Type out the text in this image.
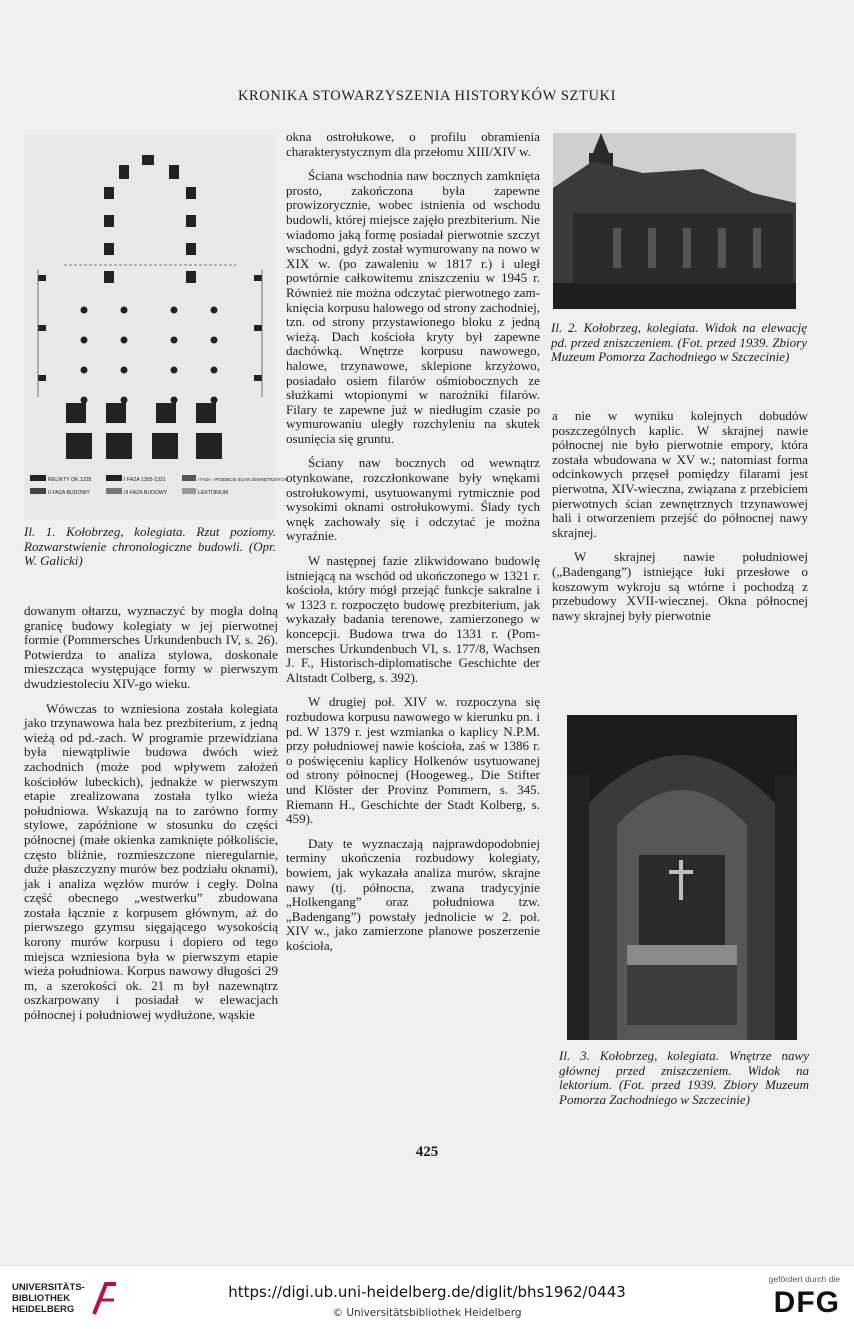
KRONIKA STOWARZYSZENIA HISTORYKÓW SZTUKI
RELIKTY OK.1235	I FAZA 1305-1321	I FAZA - PRZEBICIE ŚCIAN ZEWNĘTRZNYCH
II FAZA BUDOWY	III FAZA BUDOWY	LEKTORIUM
Il. 1. Kołobrzeg, kolegiata. Rzut poziomy. Rozwarstwienie chronologiczne budowli. (Opr. W. Galicki)
Il. 2. Kołobrzeg, kolegiata. Widok na elewację pd. przed zniszczeniem. (Fot. przed 1939. Zbiory Muzeum Pomorza Zachodniego w Szczecinie)
Il. 3. Kołobrzeg, kolegiata. Wnętrze nawy głównej przed zniszczeniem. Widok na lektorium. (Fot. przed 1939. Zbiory Muzeum Pomorza Zachodniego w Szczecinie)

dowanym ołtarzu, wyznaczyć by mogła dolną granicę budowy kolegiaty w jej pierwotnej formie (Pommersches Urkundenbuch IV, s. 26). Potwierdza to analiza stylowa, doskonale mieszcząca występujące formy w pierwszym dwudziestoleciu XIV-go wieku.

Wówczas to wzniesiona została kolegiata jako trzynawowa hala bez prezbiterium, z jedną wieżą od pd.-zach. W programie przewidziana była niewątpliwie budowa dwóch wież zachodnich (może pod wpływem założeń kościołów lubeckich), jednakże w pierwszym etapie zrealizowana została tylko wieża południowa. Wskazują na to zarówno formy stylowe, zapóźnione w stosunku do części północnej (małe okienka zamknięte półkoliście, często bliźnie, rozmieszczone nieregularnie, duże płaszczyzny murów bez podziału oknami), jak i analiza węzłów murów i cegły. Dolna część obecnego „westwerku” zbudowana została łącznie z korpusem głównym, aż do pierwszego gzymsu sięgającego wysokością korony murów korpusu i dopiero od tego miejsca wzniesiona była w pierwszym etapie wieża południowa. Korpus nawowy długości 29 m, a szerokości ok. 21 m był nazewnątrz oszkarpowany i posiadał w elewacjach północnej i południowej wydłużone, wąskie

okna ostrołukowe, o profilu obramienia charakterystycznym dla przełomu XIII/XIV w.

Ściana wschodnia naw bocznych zamknięta prosto, zakończona była zapewne prowizorycznie, wobec istnienia od wschodu budowli, której miejsce zajęło prezbiterium. Nie wiadomo jaką formę posiadał pierwotnie szczyt wschodni, gdyż został wymurowany na nowo w XIX w. (po zawaleniu w 1817 r.) i uległ powtórnie całkowitemu zniszczeniu w 1945 r. Również nie można odczytać pierwotnego zamknięcia korpusu halowego od strony zachodniej, tzn. od strony przystawionego bloku z jedną wieżą. Dach kościoła kryty był zapewne dachówką. Wnętrze korpusu nawowego, halowe, trzynawowe, sklepione krzyżowo, posiadało osiem filarów ośmiobocznych ze służkami wtopionymi w narożniki filarów. Filary te zapewne już w niedługim czasie po wymurowaniu uległy rozchyleniu na skutek osunięcia się gruntu.

Ściany naw bocznych od wewnątrz otynkowane, rozczłonkowane były wnękami ostrołukowymi, usytuowanymi rytmicznie pod wysokimi oknami ostrołukowymi. Ślady tych wnęk zachowały się i odczytać je można wyraźnie.

W następnej fazie zlikwidowano budowlę istniejącą na wschód od ukończonego w 1321 r. kościoła, który mógł przejąć funkcje sakralne i w 1323 r. rozpoczęto budowę prezbiterium, jak wykazały badania terenowe, zamierzonego w koncepcji. Budowa trwa do 1331 r. (Pommersches Urkundenbuch VI, s. 177/8, Wachsen J. F., Historisch-diplomatische Geschichte der Altstadt Colberg, s. 392).

W drugiej poł. XIV w. rozpoczyna się rozbudowa korpusu nawowego w kierunku pn. i pd. W 1379 r. jest wzmianka o kaplicy N.P.M. przy południowej nawie kościoła, zaś w 1386 r. o poświęceniu kaplicy Holkenów usytuowanej od strony północnej (Hoogeweg., Die Stifter und Klöster der Provinz Pommern, s. 345. Riemann H., Geschichte der Stadt Kolberg, s. 459).

Daty te wyznaczają najprawdopodobniej terminy ukończenia rozbudowy kolegiaty, bowiem, jak wykazała analiza murów, skrajne nawy (tj. północna, zwana tradycyjnie „Holkengang” oraz południowa tzw. „Badengang”) powstały jednolicie w 2. poł. XIV w., jako zamierzone planowe poszerzenie kościoła,

a nie w wyniku kolejnych dobudów poszczególnych kaplic. W skrajnej nawie północnej nie było pierwotnie empory, która została wbudowana w XV w.; natomiast forma odcinkowych przęseł pomiędzy filarami jest pierwotna, XIV-wieczna, związana z przebiciem pierwotnych ścian zewnętrznych trzynawowej hali i otworzeniem przejść do północnej nawy skrajnej.

W skrajnej nawie południowej („Badengang”) istniejące łuki przesłowe o koszowym wykroju są wtórne i pochodzą z przebudowy XVII-wiecznej. Okna północnej nawy skrajnej były pierwotnie

425
UNIVERSITÄTS-
BIBLIOTHEK
HEIDELBERG
https://digi.ub.uni-heidelberg.de/diglit/bhs1962/0443
© Universitätsbibliothek Heidelberg
gefördert durch die
DFG
